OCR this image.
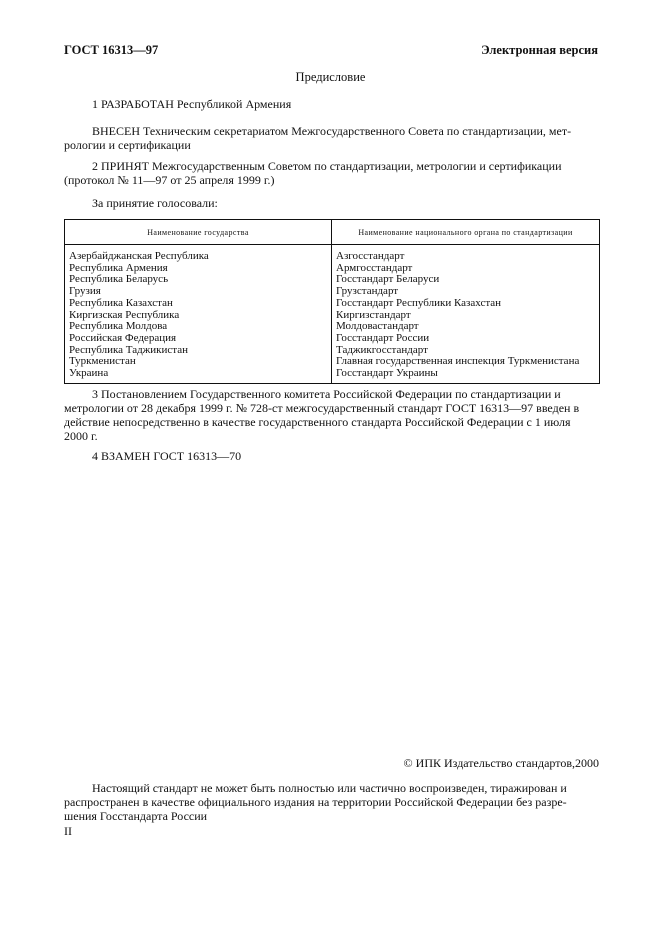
ГОСТ 16313—97	Электронная версия
Предисловие
1 РАЗРАБОТАН Республикой Армения
ВНЕСЕН Техническим секретариатом Межгосударственного Совета по стандартизации, мет-
рологии и сертификации
2 ПРИНЯТ Межгосударственным Советом по стандартизации, метрологии и сертификации
(протокол № 11—97 от 25 апреля 1999 г.)
За принятие голосовали:
Наименование государства	Наименование национального органа по стандартизации
Азербайджанская Республика	Азгосстандарт
Республика Армения	Армгосстандарт
Республика Беларусь	Госстандарт Беларуси
Грузия	Грузстандарт
Республика Казахстан	Госстандарт Республики Казахстан
Киргизская Республика	Киргизстандарт
Республика Молдова	Молдовастандарт
Российская Федерация	Госстандарт России
Республика Таджикистан	Таджикгосстандарт
Туркменистан	Главная государственная инспекция Туркменистана
Украина	Госстандарт Украины
3 Постановлением Государственного комитета Российской Федерации по стандартизации и
метрологии от 28 декабря 1999 г. № 728-ст межгосударственный стандарт ГОСТ 16313—97 введен в
действие непосредственно в качестве государственного стандарта Российской Федерации с 1 июля
2000 г.
4 ВЗАМЕН ГОСТ 16313—70
© ИПК Издательство стандартов,2000
Настоящий стандарт не может быть полностью или частично воспроизведен, тиражирован и
распространен в качестве официального издания на территории Российской Федерации без разре-
шения Госстандарта России
II
